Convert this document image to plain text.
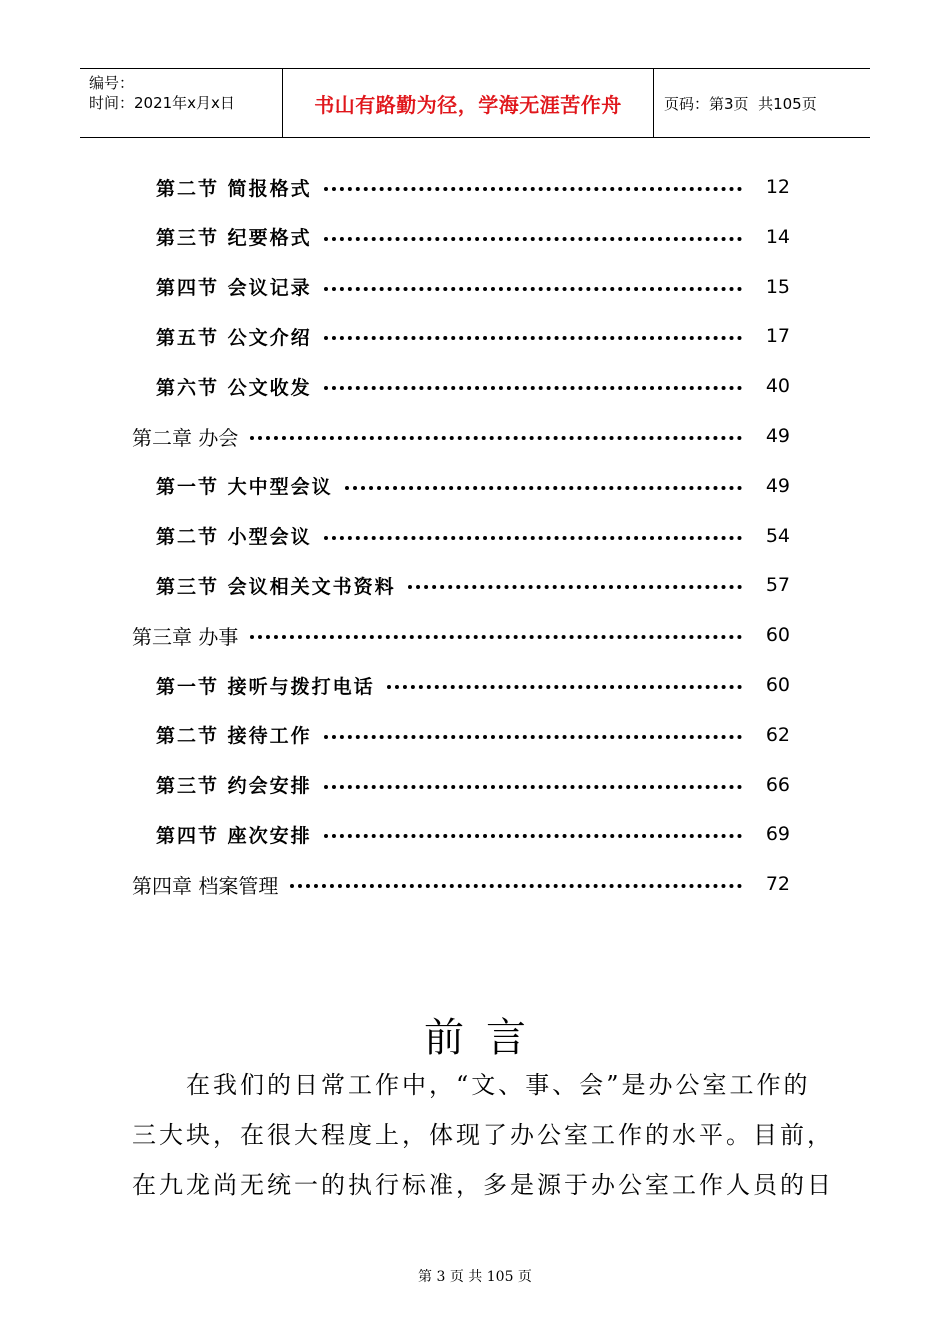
编号：
时间：2021年x月x日	书山有路勤为径，学海无涯苦作舟	页码：第3页  共105页
第二节 简报格式	12
第三节 纪要格式	14
第四节 会议记录	15
第五节 公文介绍	17
第六节 公文收发	40
第二章 办会	49
第一节 大中型会议	49
第二节 小型会议	54
第三节 会议相关文书资料	57
第三章 办事	60
第一节 接听与拨打电话	60
第二节 接待工作	62
第三节 约会安排	66
第四节 座次安排	69
第四章 档案管理	72
前言
　　在我们的日常工作中，“文、事、会”是办公室工作的
三大块，在很大程度上，体现了办公室工作的水平。目前，
在九龙尚无统一的执行标准，多是源于办公室工作人员的日
第 3 页 共 105 页
